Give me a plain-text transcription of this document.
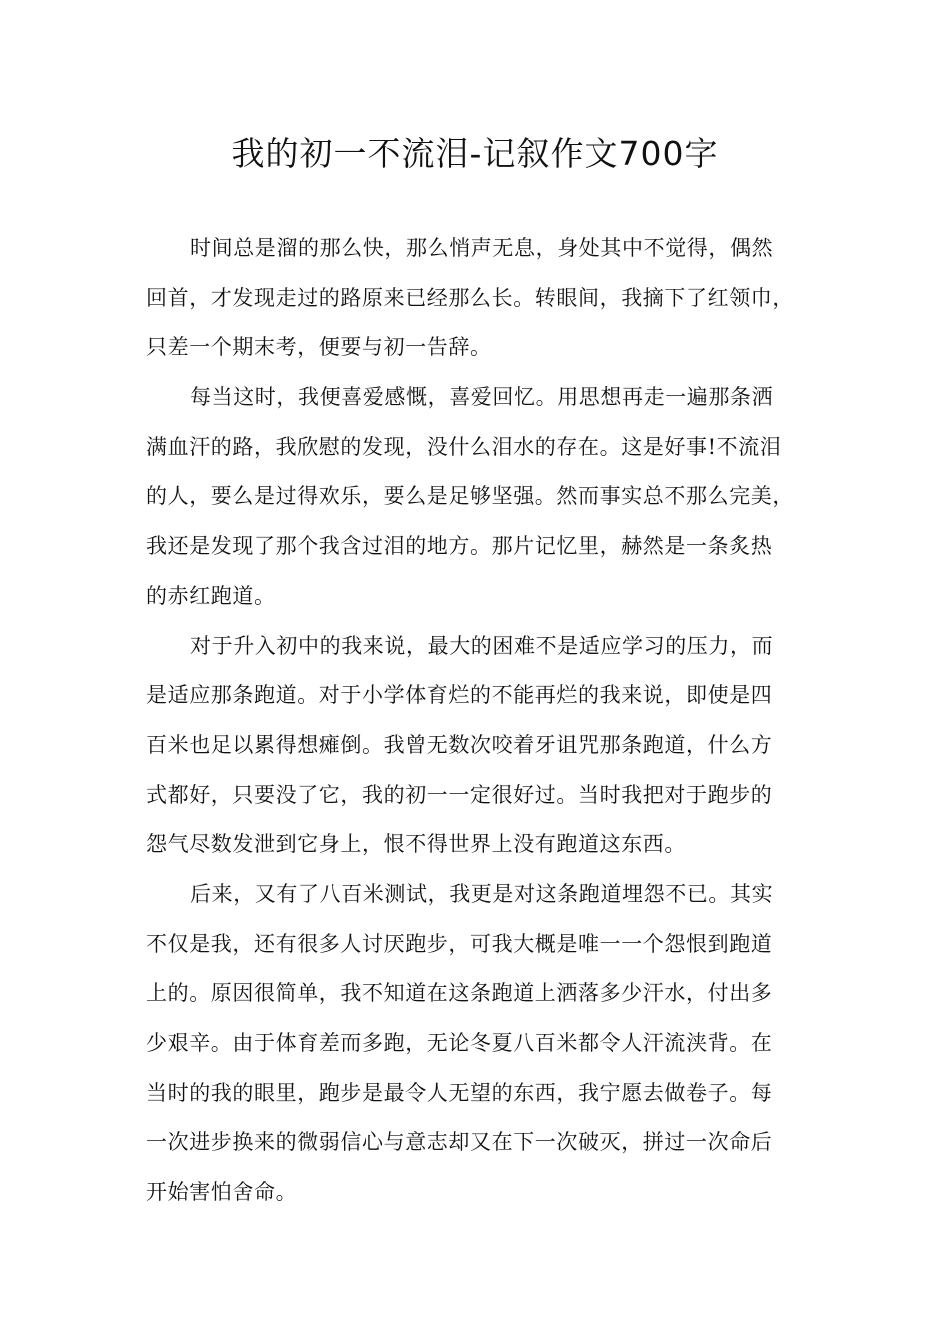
我的初一不流泪-记叙作文700字
时间总是溜的那么快，那么悄声无息，身处其中不觉得，偶然
回首，才发现走过的路原来已经那么长。转眼间，我摘下了红领巾，
只差一个期末考，便要与初一告辞。
每当这时，我便喜爱感慨，喜爱回忆。用思想再走一遍那条洒
满血汗的路，我欣慰的发现，没什么泪水的存在。这是好事!不流泪
的人，要么是过得欢乐，要么是足够坚强。然而事实总不那么完美，
我还是发现了那个我含过泪的地方。那片记忆里，赫然是一条炙热
的赤红跑道。
对于升入初中的我来说，最大的困难不是适应学习的压力，而
是适应那条跑道。对于小学体育烂的不能再烂的我来说，即使是四
百米也足以累得想瘫倒。我曾无数次咬着牙诅咒那条跑道，什么方
式都好，只要没了它，我的初一一定很好过。当时我把对于跑步的
怨气尽数发泄到它身上，恨不得世界上没有跑道这东西。
后来，又有了八百米测试，我更是对这条跑道埋怨不已。其实
不仅是我，还有很多人讨厌跑步，可我大概是唯一一个怨恨到跑道
上的。原因很简单，我不知道在这条跑道上洒落多少汗水，付出多
少艰辛。由于体育差而多跑，无论冬夏八百米都令人汗流浃背。在
当时的我的眼里，跑步是最令人无望的东西，我宁愿去做卷子。每
一次进步换来的微弱信心与意志却又在下一次破灭，拼过一次命后
开始害怕舍命。
